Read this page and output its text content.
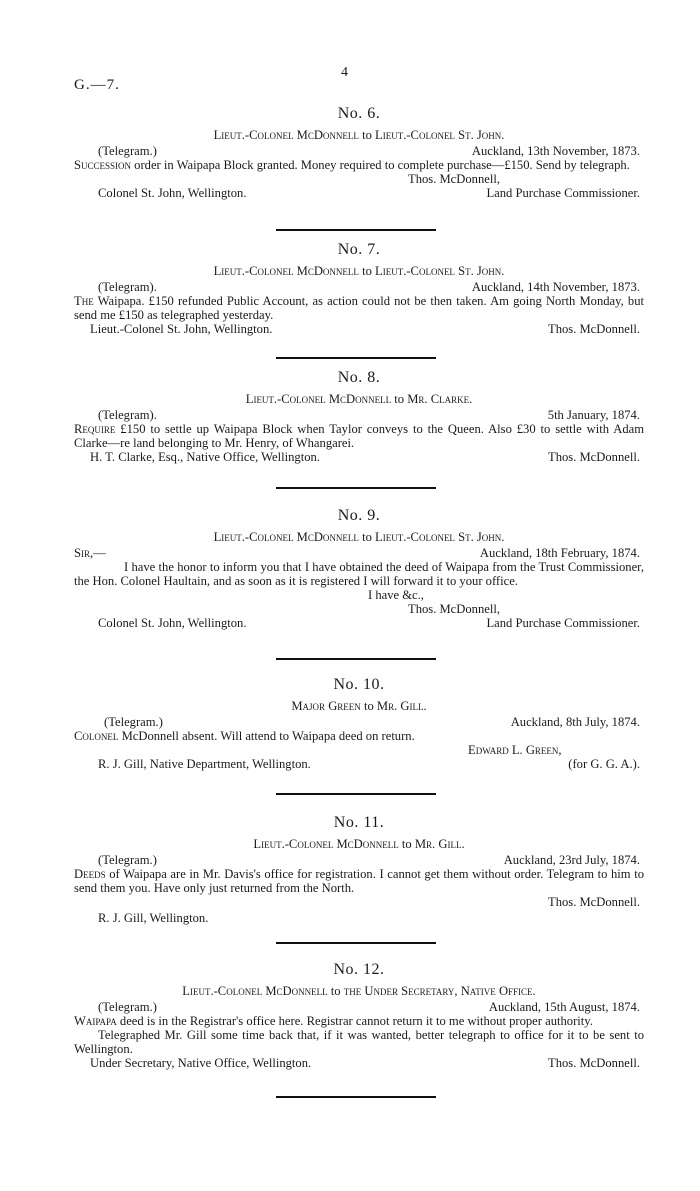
G.—7.
4
No. 6.
Lieut.-Colonel McDonnell to Lieut.-Colonel St. John.
(Telegram.)	Auckland, 13th November, 1873.
Succession order in Waipapa Block granted. Money required to complete purchase—£150. Send by telegraph.
Thos. McDonnell,
Colonel St. John, Wellington.	Land Purchase Commissioner.
No. 7.
Lieut.-Colonel McDonnell to Lieut.-Colonel St. John.
(Telegram).	Auckland, 14th November, 1873.
The Waipapa. £150 refunded Public Account, as action could not be then taken. Am going North Monday, but send me £150 as telegraphed yesterday.
Lieut.-Colonel St. John, Wellington.	Thos. McDonnell.
No. 8.
Lieut.-Colonel McDonnell to Mr. Clarke.
(Telegram).	5th January, 1874.
Require £150 to settle up Waipapa Block when Taylor conveys to the Queen. Also £30 to settle with Adam Clarke—re land belonging to Mr. Henry, of Whangarei.
H. T. Clarke, Esq., Native Office, Wellington.	Thos. McDonnell.
No. 9.
Lieut.-Colonel McDonnell to Lieut.-Colonel St. John.
Sir,—	Auckland, 18th February, 1874.
I have the honor to inform you that I have obtained the deed of Waipapa from the Trust Commissioner, the Hon. Colonel Haultain, and as soon as it is registered I will forward it to your office.
I have &c.,
Thos. McDonnell,
Colonel St. John, Wellington.	Land Purchase Commissioner.
No. 10.
Major Green to Mr. Gill.
(Telegram.)	Auckland, 8th July, 1874.
Colonel McDonnell absent. Will attend to Waipapa deed on return.
Edward L. Green,
R. J. Gill, Native Department, Wellington.	(for G. G. A.).
No. 11.
Lieut.-Colonel McDonnell to Mr. Gill.
(Telegram.)	Auckland, 23rd July, 1874.
Deeds of Waipapa are in Mr. Davis's office for registration. I cannot get them without order. Telegram to him to send them you. Have only just returned from the North.
Thos. McDonnell.
R. J. Gill, Wellington.
No. 12.
Lieut.-Colonel McDonnell to the Under Secretary, Native Office.
(Telegram.)	Auckland, 15th August, 1874.
Waipapa deed is in the Registrar's office here. Registrar cannot return it to me without proper authority.
Telegraphed Mr. Gill some time back that, if it was wanted, better telegraph to office for it to be sent to Wellington.
Under Secretary, Native Office, Wellington.	Thos. McDonnell.
